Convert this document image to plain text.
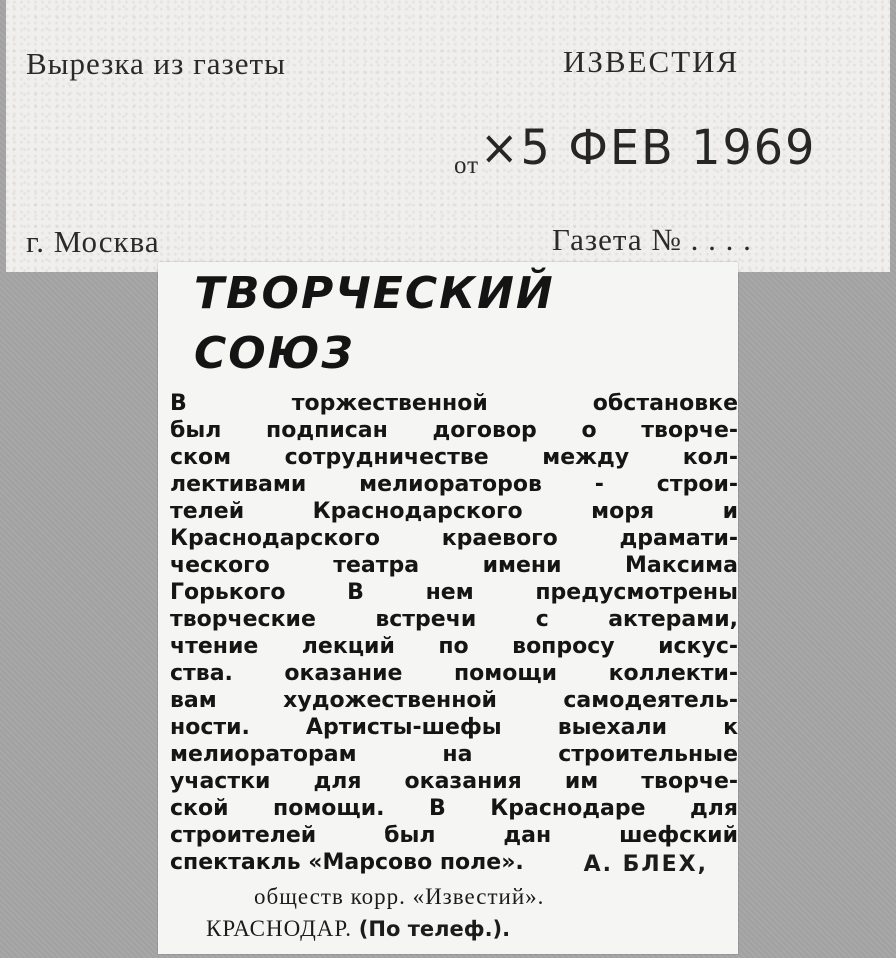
Вырезка из газеты	ИЗВЕСТИЯ
от ×5 ФЕВ 1969
г. Москва	Газета № . . . .
ТВОРЧЕСКИЙ
СОЮЗ
В торжественной обстановке
был подписан договор о творче-
ском сотрудничестве между кол-
лективами мелиораторов - строи-
телей Краснодарского моря и
Краснодарского краевого драмати-
ческого театра имени Максима
Горького В нем предусмотрены
творческие встречи с актерами,
чтение лекций по вопросу искус-
ства. оказание помощи коллекти-
вам художественной самодеятель-
ности. Артисты-шефы выехали к
мелиораторам на строительные
участки для оказания им творче-
ской помощи. В Краснодаре для
строителей был дан шефский
спектакль «Марсово поле».	А. БЛЕХ,
обществ корр. «Известий».
КРАСНОДАР. (По телеф.).
